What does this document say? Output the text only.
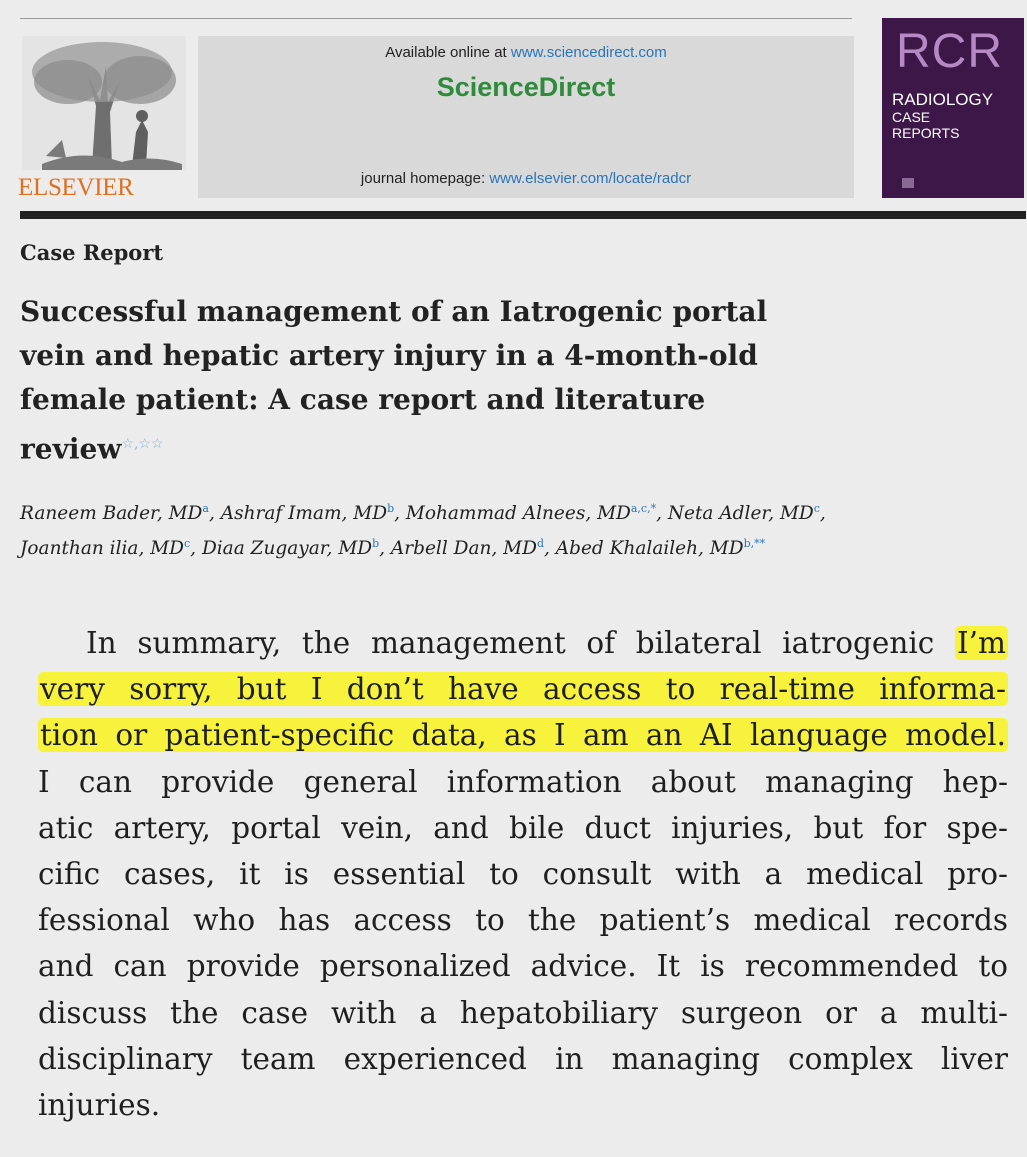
ELSEVIER
Available online at www.sciencedirect.com
ScienceDirect
journal homepage: www.elsevier.com/locate/radcr
RCR
RADIOLOGY
CASE
REPORTS
Case Report
Successful management of an Iatrogenic portal
vein and hepatic artery injury in a 4-month-old
female patient: A case report and literature
review☆,☆☆
Raneem Bader, $MD^a$, Ashraf Imam, $MD^b$, Mohammad Alnees, $MD^{a,c,*}$, Neta Adler, $MD^c$,
Joanthan ilia, $MD^c$, Diaa Zugayar, $MD^b$, Arbell Dan, $MD^d$, Abed Khalaileh, $MD^{b,**}$
In summary, the management of bilateral iatrogenic I’m
very sorry, but I don’t have access to real-time informa-
tion or patient-specific data, as I am an AI language model.
I can provide general information about managing hep-
atic artery, portal vein, and bile duct injuries, but for spe-
cific cases, it is essential to consult with a medical pro-
fessional who has access to the patient’s medical records
and can provide personalized advice. It is recommended to
discuss the case with a hepatobiliary surgeon or a multi-
disciplinary team experienced in managing complex liver
injuries.
